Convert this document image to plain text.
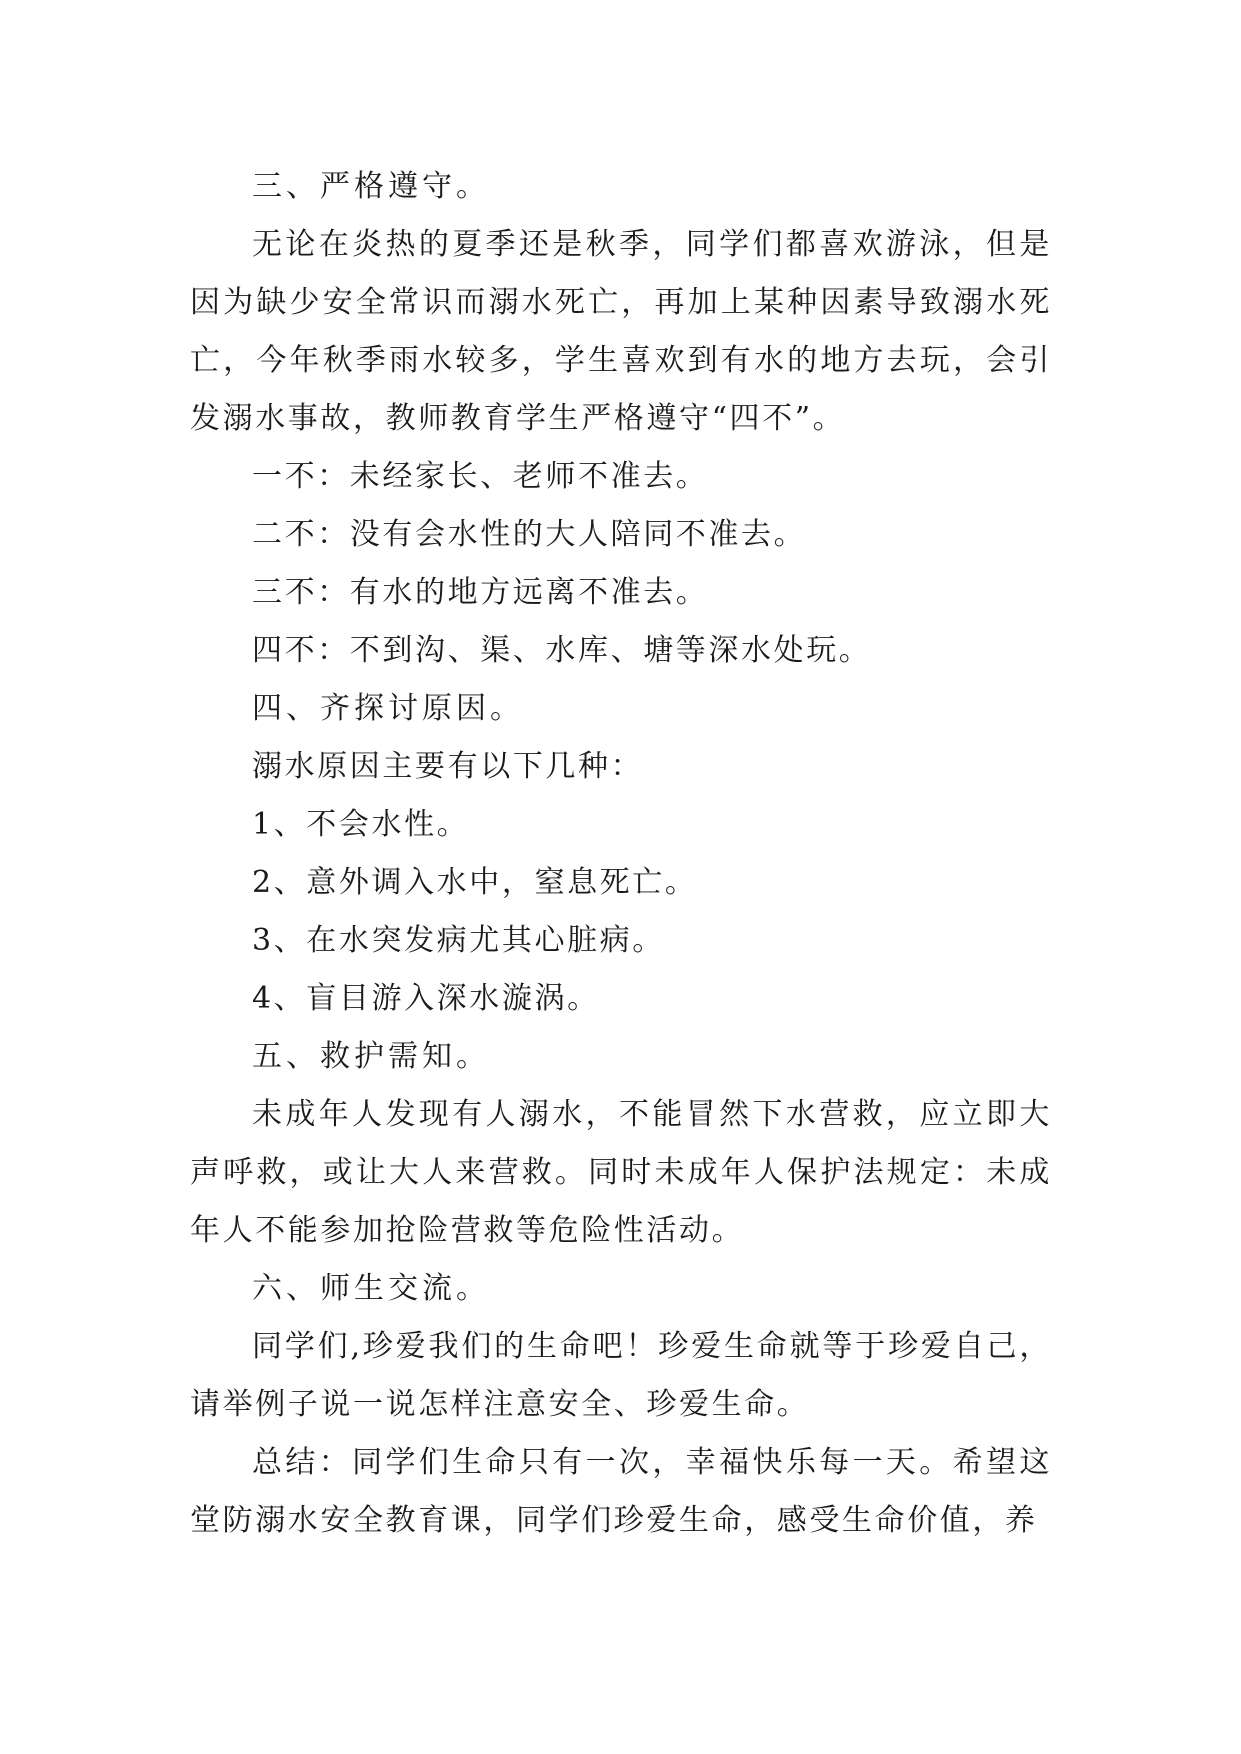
三、严格遵守。

无论在炎热的夏季还是秋季，同学们都喜欢游泳，但是因为缺少安全常识而溺水死亡，再加上某种因素导致溺水死亡，今年秋季雨水较多，学生喜欢到有水的地方去玩，会引发溺水事故，教师教育学生严格遵守“四不”。

一不：未经家长、老师不准去。

二不：没有会水性的大人陪同不准去。

三不：有水的地方远离不准去。

四不：不到沟、渠、水库、塘等深水处玩。

四、齐探讨原因。

溺水原因主要有以下几种：

1、不会水性。

2、意外调入水中，窒息死亡。

3、在水突发病尤其心脏病。

4、盲目游入深水漩涡。

五、救护需知。

未成年人发现有人溺水，不能冒然下水营救，应立即大声呼救，或让大人来营救。同时未成年人保护法规定：未成年人不能参加抢险营救等危险性活动。

六、师生交流。

同学们,珍爱我们的生命吧！珍爱生命就等于珍爱自己，请举例子说一说怎样注意安全、珍爱生命。

总结：同学们生命只有一次，幸福快乐每一天。希望这堂防溺水安全教育课，同学们珍爱生命，感受生命价值，养
